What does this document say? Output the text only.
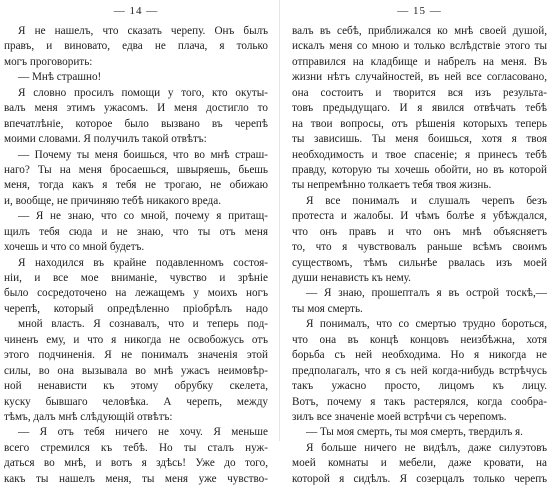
— 14 —
Я не нашелъ, что сказать черепу. Онъ былъ
правъ, и виновато, едва не плача, я только
могъ проговорить:
— Мнѣ страшно!
Я словно просилъ помощи у того, кто окуты-
валъ меня этимъ ужасомъ. И меня достигло то
впечатлѣніе, которое было вызвано въ черепѣ
моими словами. Я получилъ такой отвѣтъ:
— Почему ты меня боишься, что во мнѣ страш-
наго? Ты на меня бросаешься, швыряешь, бьешь
меня, тогда какъ я тебя не трогаю, не обижаю
и, вообще, не причиняю тебѣ никакого вреда.
— Я не знаю, что со мной, почему я притащ-
щилъ тебя сюда и не знаю, что ты отъ меня
хочешь и что со мной будетъ.
Я находился въ крайне подавленномъ состоя-
ніи, и все мое вниманіе, чувство и зрѣніе
было сосредоточено на лежащемъ у моихъ ногъ
черепѣ, который опредѣленно пріобрѣлъ надо
мной власть. Я сознавалъ, что и теперь под-
чиненъ ему, и что я никогда не освобожусь отъ
этого подчиненія. Я не понималъ значенія этой
силы, во она вызывала во мнѣ ужасъ неимовѣр-
ной ненависти къ этому обрубку скелета,
куску бывшаго человѣка. А черепъ, между
тѣмъ, далъ мнѣ слѣдующій отвѣтъ:
— Я отъ тебя ничего не хочу. Я меньше
всего стремился къ тебѣ. Но ты сталъ нуж-
даться во мнѣ, и вотъ я здѣсь! Уже до того,
какъ ты нашелъ меня, ты меня уже чувство-
— 15 —
валъ въ себѣ, приближался ко мнѣ своей душой,
искалъ меня со мною и только вслѣдствіе этого ты
отправился на кладбище и набрелъ на меня. Въ
жизни нѣтъ случайностей, въ ней все согласовано,
она состоитъ и творится вся изъ результа-
товъ предыдущаго. И я явился отвѣчать тебѣ
на твои вопросы, отъ рѣшенія которыхъ теперь
ты зависишь. Ты меня боишься, хотя я твоя
необходимость и твое спасеніе; я принесъ тебѣ
правду, которую ты хочешь обойти, но въ которой
ты непремѣнно толкаетъ тебя твоя жизнь.
Я все понималъ и слушалъ черепъ безъ
протеста и жалобы. И чѣмъ болѣе я убѣждался,
что онъ правъ и что онъ мнѣ объясняетъ
то, что я чувствовалъ раньше всѣмъ своимъ
существомъ, тѣмъ сильнѣе рвалась изъ моей
души ненависть къ нему.
— Я знаю, прошепталъ я въ острой тоскѣ,—
ты моя смерть.
Я понималъ, что со смертью трудно бороться,
что она въ концѣ концовъ неизбѣжна, хотя
борьба съ ней необходима. Но я никогда не
предполагалъ, что я съ ней когда-нибудь встрѣчусь
такъ ужасно просто, лицомъ къ лицу.
Вотъ, почему я такъ растерялся, когда сообра-
зилъ все значеніе моей встрѣчи съ черепомъ.
— Ты моя смерть, ты моя смерть, твердилъ я.
Я больше ничего не видѣлъ, даже силуэтовъ
моей комнаты и мебели, даже кровати, на
которой я сидѣлъ. Я созерцалъ только черепъ
